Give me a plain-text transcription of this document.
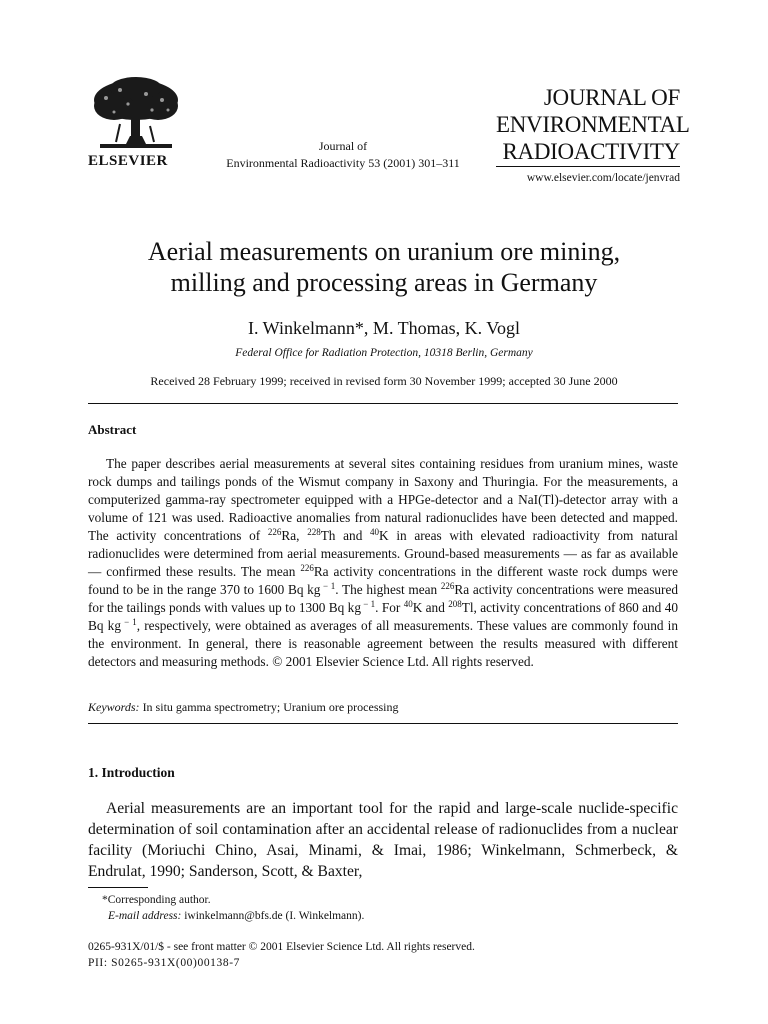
ELSEVIER
Journal of
Environmental Radioactivity 53 (2001) 301–311
JOURNAL OF
ENVIRONMENTAL
RADIOACTIVITY
www.elsevier.com/locate/jenvrad
Aerial measurements on uranium ore mining,
milling and processing areas in Germany
I. Winkelmann*, M. Thomas, K. Vogl
Federal Office for Radiation Protection, 10318 Berlin, Germany
Received 28 February 1999; received in revised form 30 November 1999; accepted 30 June 2000
Abstract
The paper describes aerial measurements at several sites containing residues from uranium mines, waste rock dumps and tailings ponds of the Wismut company in Saxony and Thuringia. For the measurements, a computerized gamma-ray spectrometer equipped with a HPGe-detector and a NaI(Tl)-detector array with a volume of 121 was used. Radioactive anomalies from natural radionuclides have been detected and mapped. The activity concentrations of $^{226}$Ra, $^{228}$Th and $^{40}$K in areas with elevated radioactivity from natural radionuclides were determined from aerial measurements. Ground-based measurements — as far as available — confirmed these results. The mean $^{226}$Ra activity concentrations in the different waste rock dumps were found to be in the range 370 to 1600 Bq kg $^{- 1}$. The highest mean $^{226}$Ra activity concentrations were measured for the tailings ponds with values up to 1300 Bq kg $^{- 1}$. For $^{40}$K and $^{208}$Tl, activity concentrations of 860 and 40 Bq kg $^{- 1}$, respectively, were obtained as averages of all measurements. These values are commonly found in the environment. In general, there is reasonable agreement between the results measured with different detectors and measuring methods. © 2001 Elsevier Science Ltd. All rights reserved.
Keywords: In situ gamma spectrometry; Uranium ore processing
1. Introduction
Aerial measurements are an important tool for the rapid and large-scale nuclide-specific determination of soil contamination after an accidental release of radionuclides from a nuclear facility (Moriuchi Chino, Asai, Minami, & Imai, 1986; Winkelmann, Schmerbeck, & Endrulat, 1990; Sanderson, Scott, & Baxter,
*Corresponding author.
E-mail address: iwinkelmann@bfs.de (I. Winkelmann).
0265-931X/01/$ - see front matter © 2001 Elsevier Science Ltd. All rights reserved.
PII: S0265-931X(00)00138-7
